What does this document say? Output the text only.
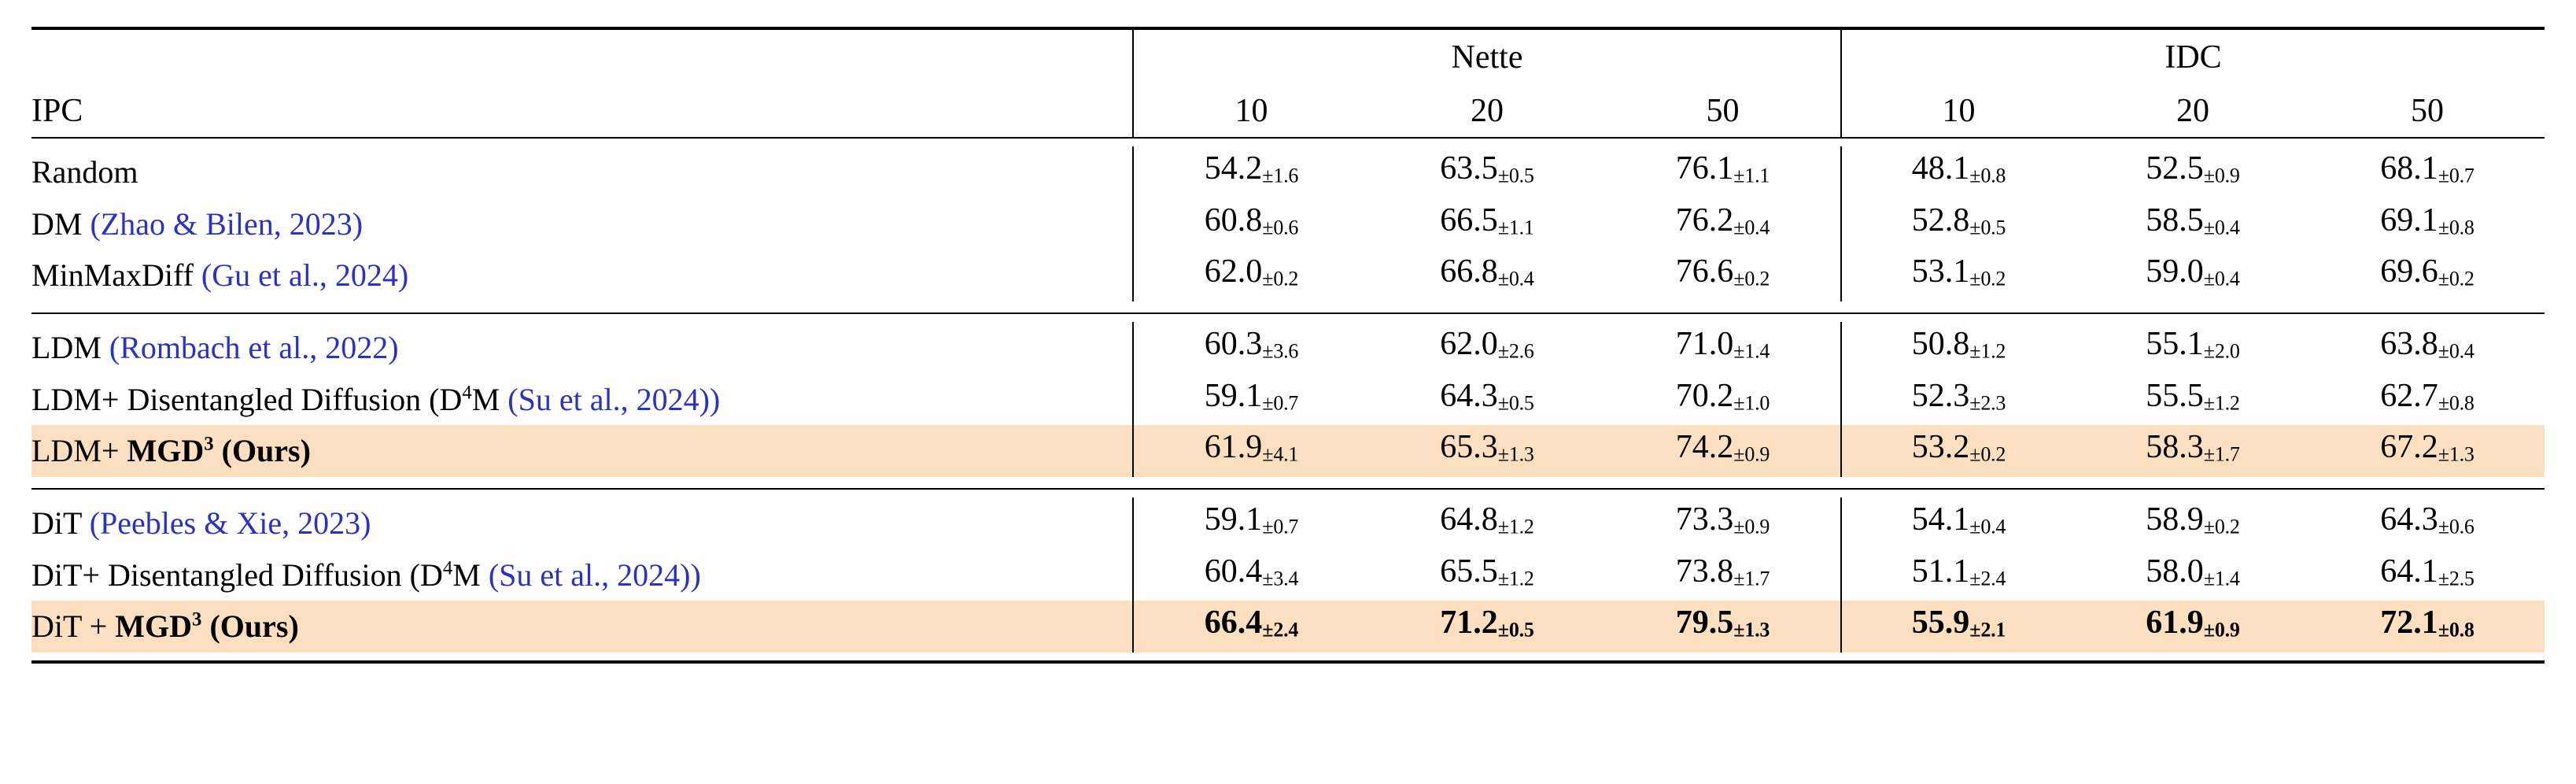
	Nette			IDC		
IPC	10	20	50	10	20	50

Random	54.2±1.6	63.5±0.5	76.1±1.1	48.1±0.8	52.5±0.9	68.1±0.7
DM (Zhao & Bilen, 2023)	60.8±0.6	66.5±1.1	76.2±0.4	52.8±0.5	58.5±0.4	69.1±0.8
MinMaxDiff (Gu et al., 2024)	62.0±0.2	66.8±0.4	76.6±0.2	53.1±0.2	59.0±0.4	69.6±0.2

LDM (Rombach et al., 2022)	60.3±3.6	62.0±2.6	71.0±1.4	50.8±1.2	55.1±2.0	63.8±0.4
LDM+ Disentangled Diffusion ($D^4M$ (Su et al., 2024))	59.1±0.7	64.3±0.5	70.2±1.0	52.3±2.3	55.5±1.2	62.7±0.8
$LDM+ MGD^3$ (Ours)	61.9±4.1	65.3±1.3	74.2±0.9	53.2±0.2	58.3±1.7	67.2±1.3

DiT (Peebles & Xie, 2023)	59.1±0.7	64.8±1.2	73.3±0.9	54.1±0.4	58.9±0.2	64.3±0.6
DiT+ Disentangled Diffusion ($D^4M$ (Su et al., 2024))	60.4±3.4	65.5±1.2	73.8±1.7	51.1±2.4	58.0±1.4	64.1±2.5
DiT + $MGD^3$ (Ours)	66.4±2.4	71.2±0.5	79.5±1.3	55.9±2.1	61.9±0.9	72.1±0.8
